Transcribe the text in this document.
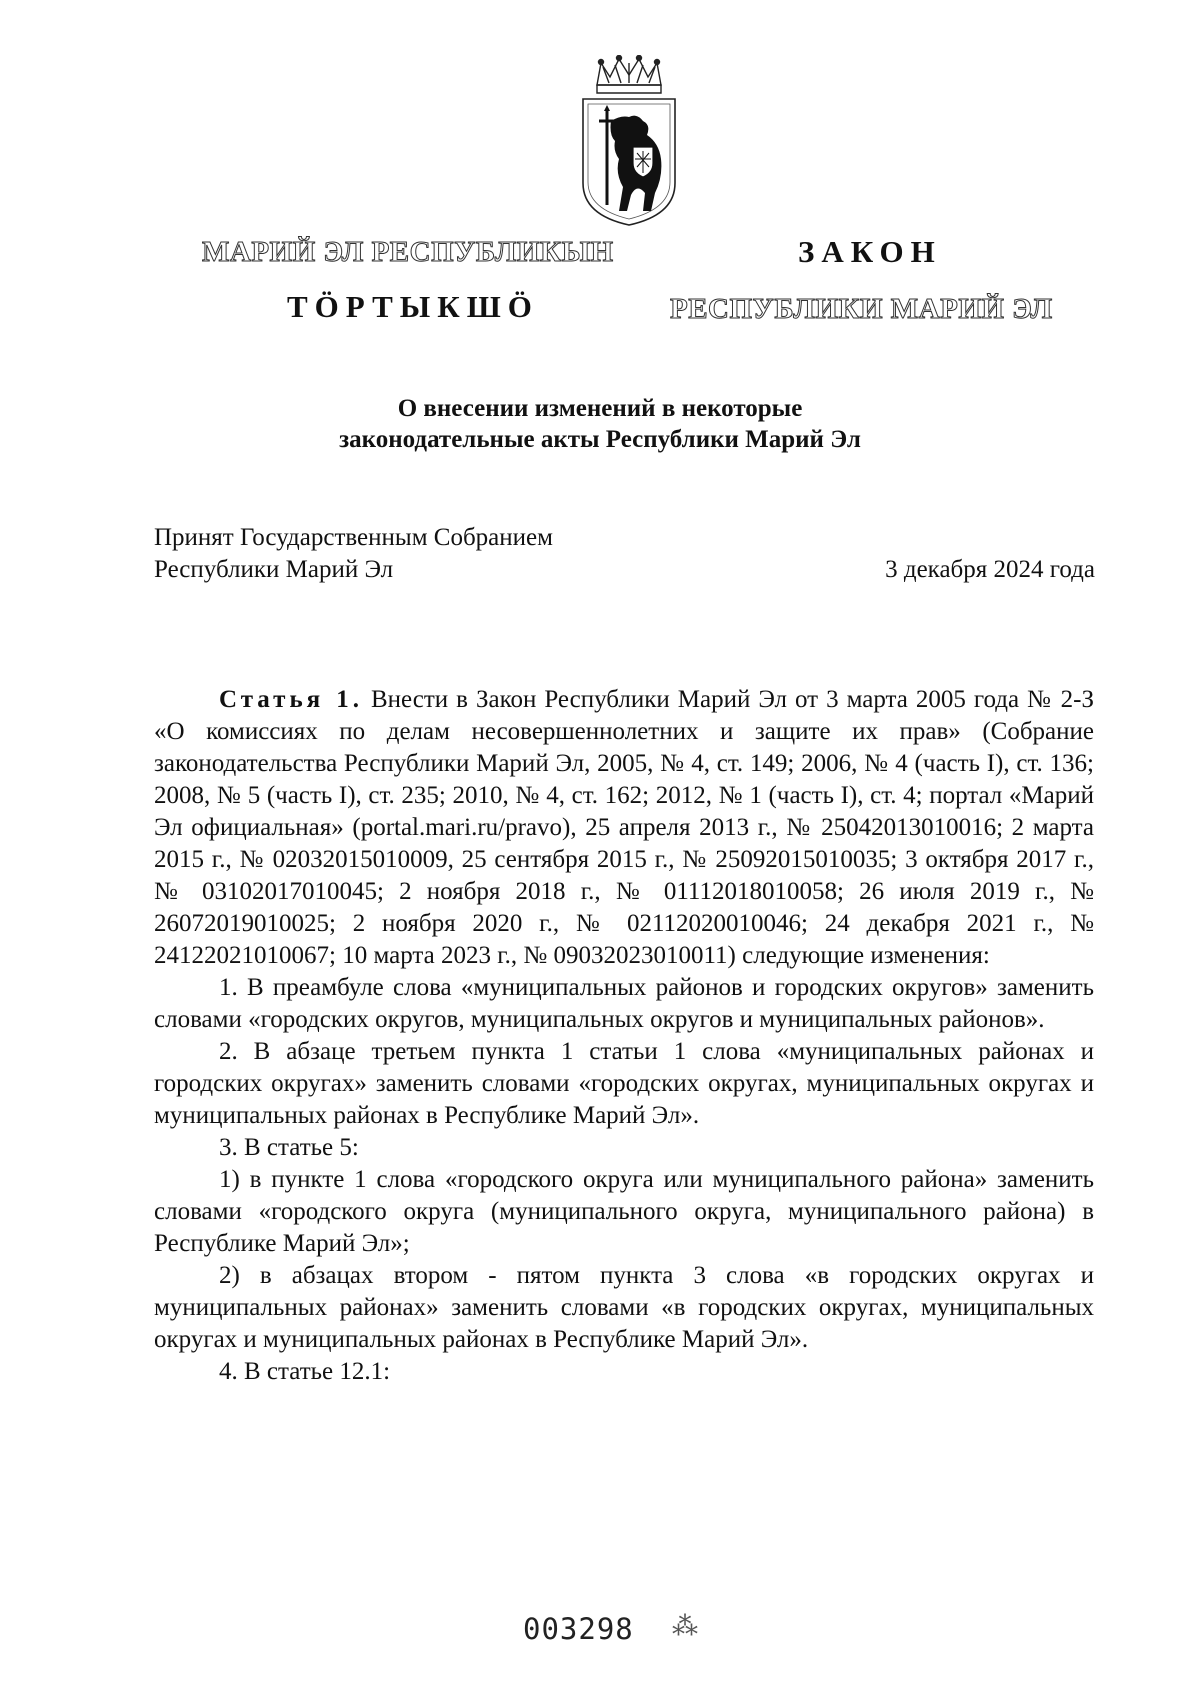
МАРИЙ ЭЛ РЕСПУБЛИКЫН	ЗАКОН
ТӦРТЫКШӦ	РЕСПУБЛИКИ МАРИЙ ЭЛ
О внесении изменений в некоторые
законодательные акты Республики Марий Эл
Принят Государственным Собранием
Республики Марий Эл	3 декабря 2024 года

Статья 1. Внести в Закон Республики Марий Эл от 3 марта 2005 года № 2-З «О комиссиях по делам несовершеннолетних и защите их прав» (Собрание законодательства Республики Марий Эл, 2005, № 4, ст. 149; 2006, № 4 (часть I), ст. 136; 2008, № 5 (часть I), ст. 235; 2010, № 4, ст. 162; 2012, № 1 (часть I), ст. 4; портал «Марий Эл официальная» (portal.mari.ru/pravo), 25 апреля 2013 г., № 25042013010016; 2 марта 2015 г., № 02032015010009, 25 сентября 2015 г., № 25092015010035; 3 октября 2017 г., № 03102017010045; 2 ноября 2018 г., № 01112018010058; 26 июля 2019 г., № 26072019010025; 2 ноября 2020 г., № 02112020010046; 24 декабря 2021 г., № 24122021010067; 10 марта 2023 г., № 09032023010011) следующие изменения:

1. В преамбуле слова «муниципальных районов и городских округов» заменить словами «городских округов, муниципальных округов и муниципальных районов».

2. В абзаце третьем пункта 1 статьи 1 слова «муниципальных районах и городских округах» заменить словами «городских округах, муниципальных округах и муниципальных районах в Республике Марий Эл».

3. В статье 5:

1) в пункте 1 слова «городского округа или муниципального района» заменить словами «городского округа (муниципального округа, муниципального района) в Республике Марий Эл»;

2) в абзацах втором - пятом пункта 3 слова «в городских округах и муниципальных районах» заменить словами «в городских округах, муниципальных округах и муниципальных районах в Республике Марий Эл».

4. В статье 12.1:

003298 ⁂
